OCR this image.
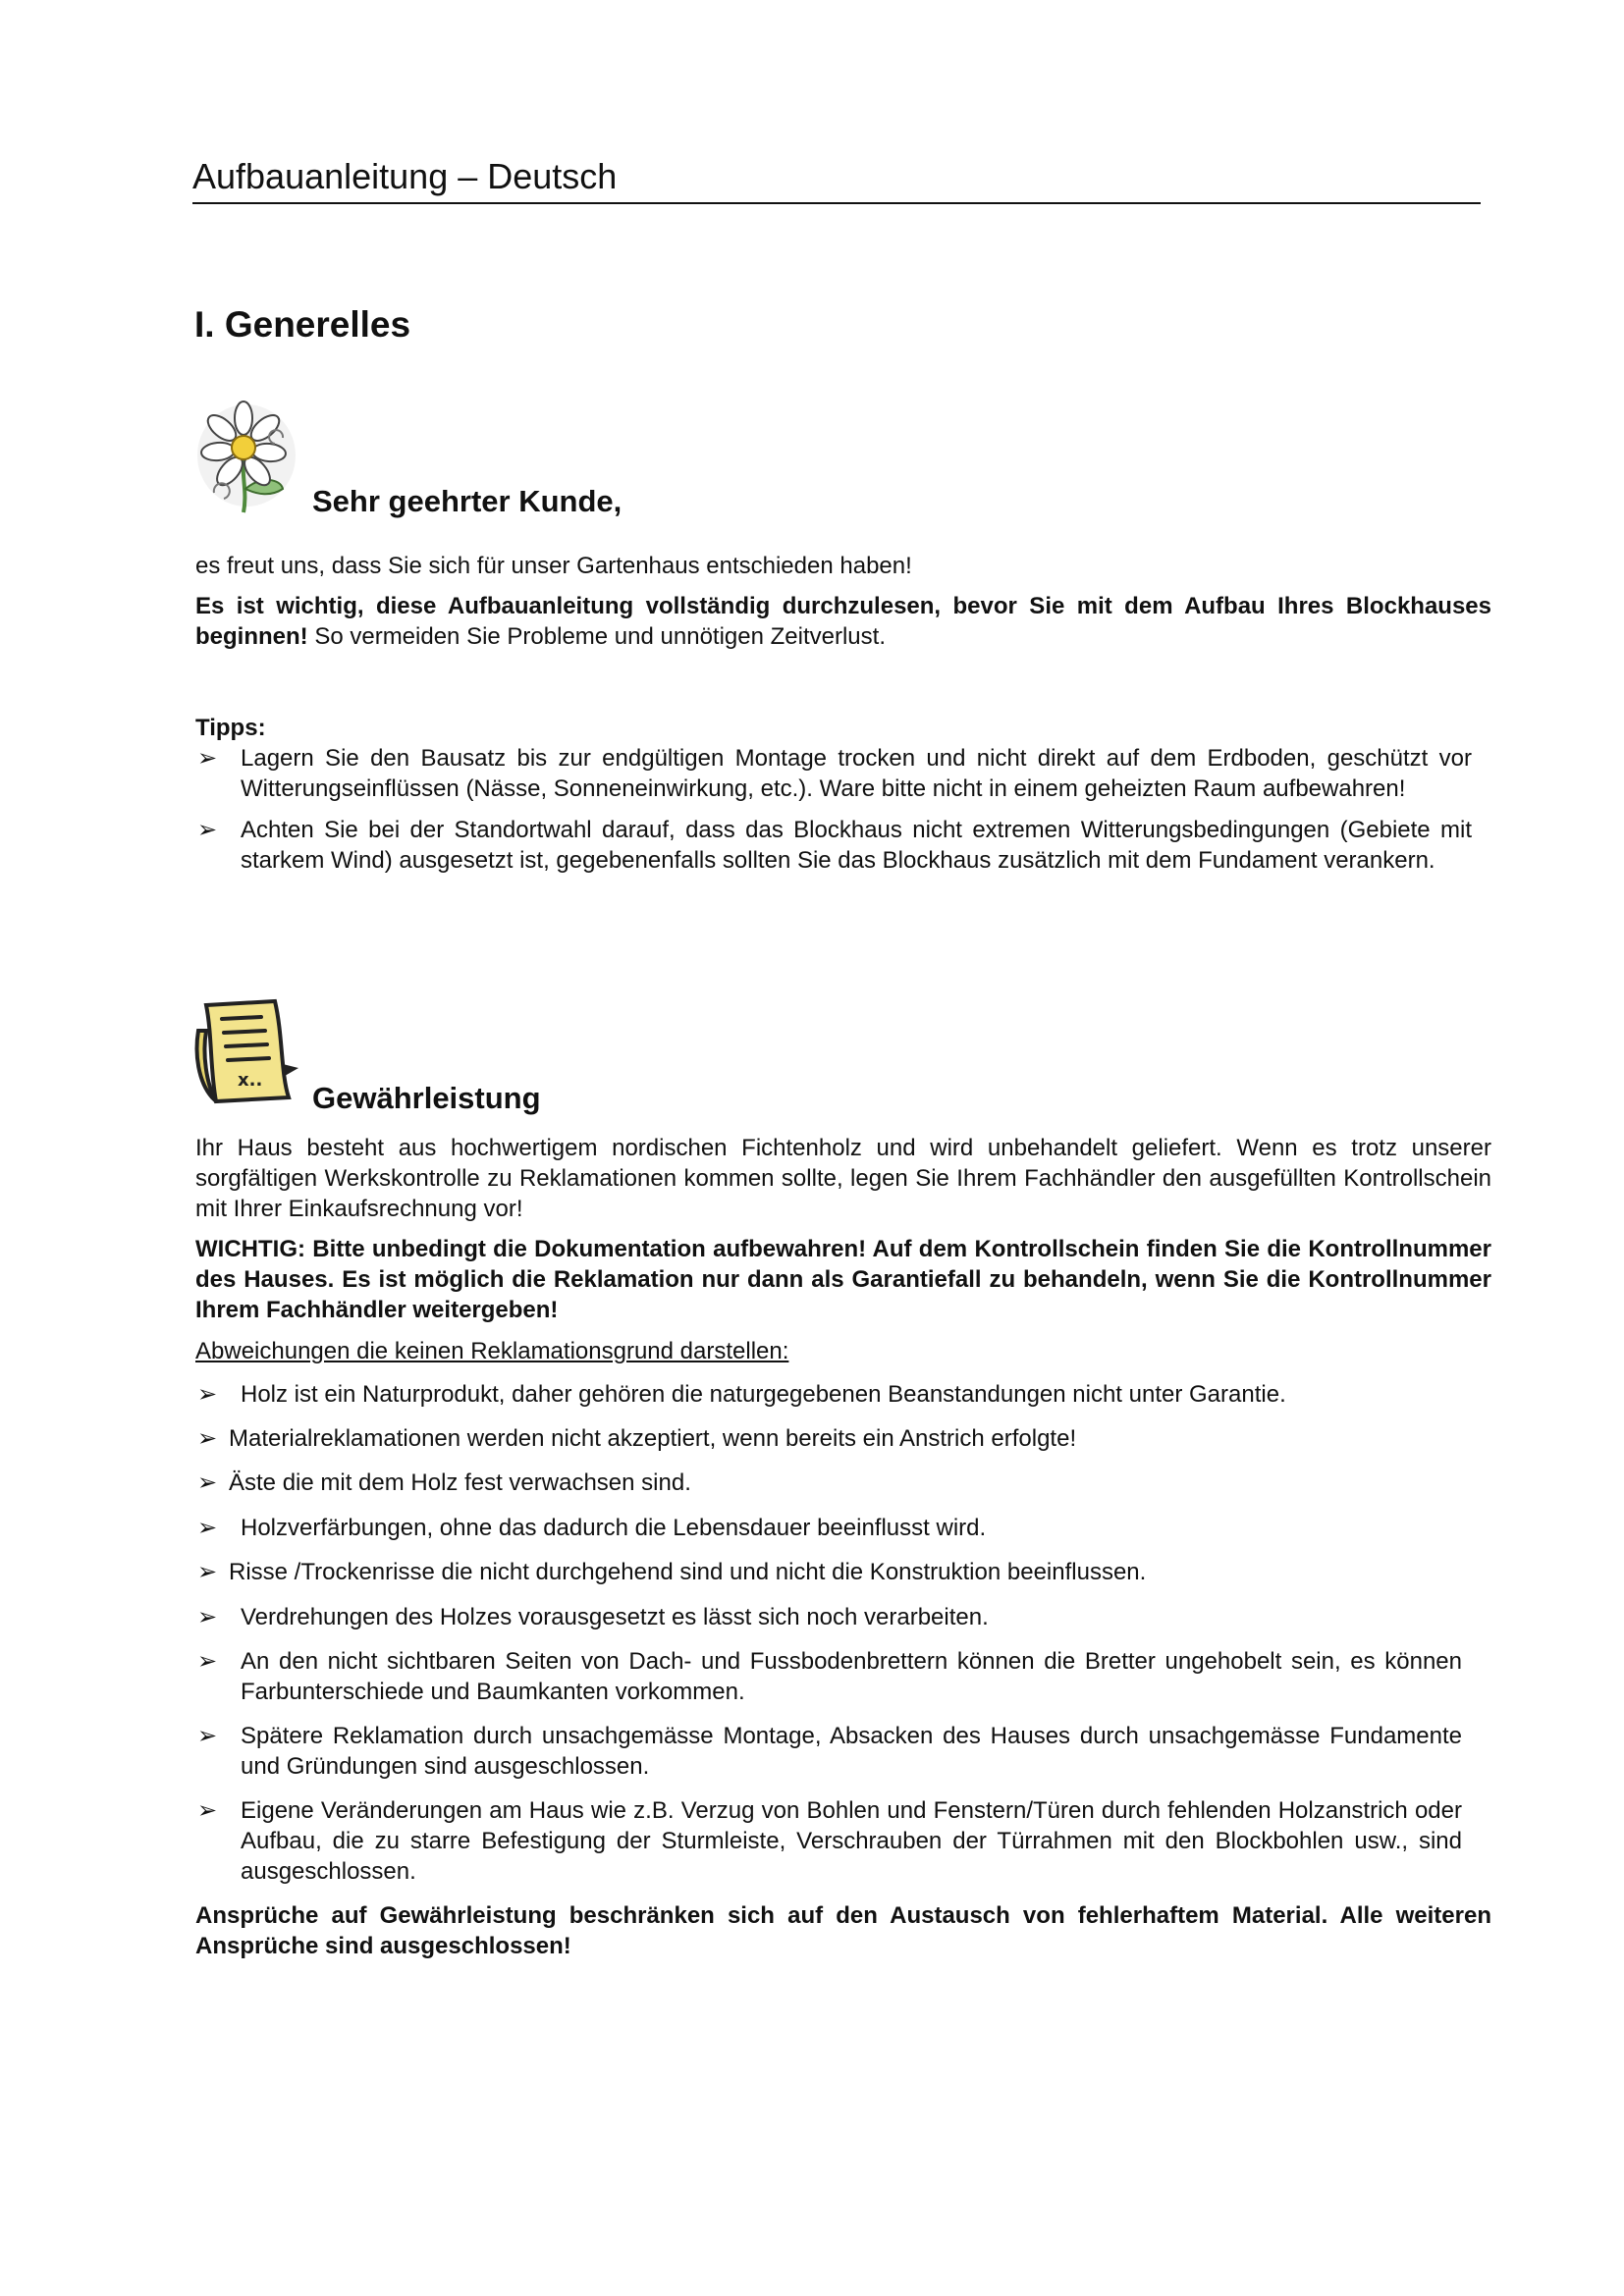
Aufbauanleitung – Deutsch
I. Generelles
Sehr geehrter Kunde,

es freut uns, dass Sie sich für unser Gartenhaus entschieden haben!

Es ist wichtig, diese Aufbauanleitung vollständig durchzulesen, bevor Sie mit dem Aufbau Ihres Blockhauses beginnen! So vermeiden Sie Probleme und unnötigen Zeitverlust.

Tipps:

➢ Lagern Sie den Bausatz bis zur endgültigen Montage trocken und nicht direkt auf dem Erdboden, geschützt vor Witterungseinflüssen (Nässe, Sonneneinwirkung, etc.). Ware bitte nicht in einem geheizten Raum aufbewahren!
➢ Achten Sie bei der Standortwahl darauf, dass das Blockhaus nicht extremen Witterungsbedingungen (Gebiete mit starkem Wind) ausgesetzt ist, gegebenenfalls sollten Sie das Blockhaus zusätzlich mit dem Fundament verankern.
x..
Gewährleistung

Ihr Haus besteht aus hochwertigem nordischen Fichtenholz und wird unbehandelt geliefert. Wenn es trotz unserer sorgfältigen Werkskontrolle zu Reklamationen kommen sollte, legen Sie Ihrem Fachhändler den ausgefüllten Kontrollschein mit Ihrer Einkaufsrechnung vor!

WICHTIG: Bitte unbedingt die Dokumentation aufbewahren! Auf dem Kontrollschein finden Sie die Kontrollnummer des Hauses. Es ist möglich die Reklamation nur dann als Garantiefall zu behandeln, wenn Sie die Kontrollnummer Ihrem Fachhändler weitergeben!

Abweichungen die keinen Reklamationsgrund darstellen:

➢ Holz ist ein Naturprodukt, daher gehören die naturgegebenen Beanstandungen nicht unter Garantie.
➢ Materialreklamationen werden nicht akzeptiert, wenn bereits ein Anstrich erfolgte!
➢ Äste die mit dem Holz fest verwachsen sind.
➢ Holzverfärbungen, ohne das dadurch die Lebensdauer beeinflusst wird.
➢ Risse /Trockenrisse die nicht durchgehend sind und nicht die Konstruktion beeinflussen.
➢ Verdrehungen des Holzes vorausgesetzt es lässt sich noch verarbeiten.
➢ An den nicht sichtbaren Seiten von Dach- und Fussbodenbrettern können die Bretter ungehobelt sein, es können Farbunterschiede und Baumkanten vorkommen.
➢ Spätere Reklamation durch unsachgemässe Montage, Absacken des Hauses durch unsachgemässe Fundamente und Gründungen sind ausgeschlossen.
➢ Eigene Veränderungen am Haus wie z.B. Verzug von Bohlen und Fenstern/Türen durch fehlenden Holzanstrich oder Aufbau, die zu starre Befestigung der Sturmleiste, Verschrauben der Türrahmen mit den Blockbohlen usw., sind ausgeschlossen.

Ansprüche auf Gewährleistung beschränken sich auf den Austausch von fehlerhaftem Material. Alle weiteren Ansprüche sind ausgeschlossen!
